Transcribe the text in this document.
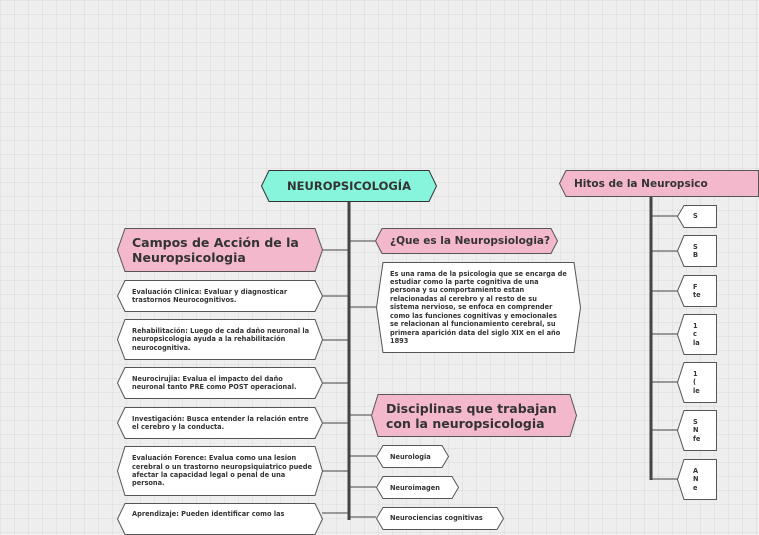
NEUROPSICOLOGÍA
Campos de Acción de la Neuropsicologia
Evaluación Clinica: Evaluar y diagnosticar trastornos Neurocognitivos.
Rehabilitación: Luego de cada daño neuronal la neuropsicologia ayuda a la rehabilitación neurocognitiva.
Neurocirujia: Evalua el impacto del daño neuronal tanto PRE como POST operacional.
Investigación: Busca entender la relación entre el cerebro y la conducta.
Evaluación Forence: Evalua como una lesion cerebral o un trastorno neuropsiquiatrico puede afectar la capacidad legal o penal de una persona.
Aprendizaje: Pueden identificar como las
¿Que es la Neuropsiologia?
Es una rama de la psicologia que se encarga de estudiar como la parte cognitiva de una persona y su comportamiento estan relacionadas al cerebro y al resto de su sistema nervioso, se enfoca en comprender como las funciones cognitivas y emocionales se relacionan al funcionamiento cerebral, su primera aparición data del siglo XIX en el año 1893
Disciplinas que trabajan con la neuropsicologia
Neurologia
Neuroimagen
Neurociencias cognitivas
Hitos de la Neuropsico
S
S
B
F
te
1
c
la
1
(
le
S
N
fe
A
N
e
